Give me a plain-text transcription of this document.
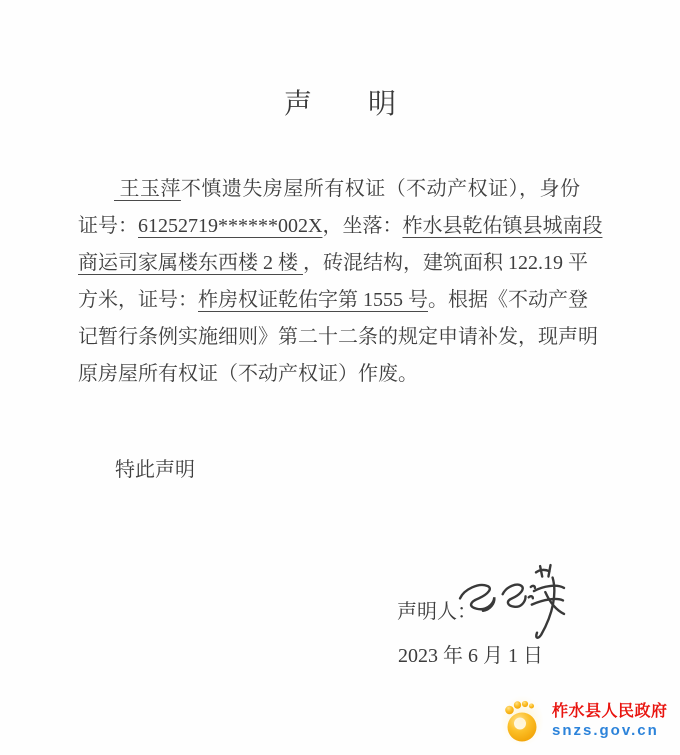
声　　明
王玉萍不慎遗失房屋所有权证（不动产权证），身份
证号：61252719******002X，坐落：柞水县乾佑镇县城南段
商运司家属楼东西楼 2 楼 ，砖混结构，建筑面积 122.19 平
方米，证号：柞房权证乾佑字第 1555 号。根据《不动产登
记暂行条例实施细则》第二十二条的规定申请补发，现声明
原房屋所有权证（不动产权证）作废。
特此声明
声明人：
2023 年 6 月 1 日
柞水县人民政府
snzs.gov.cn
